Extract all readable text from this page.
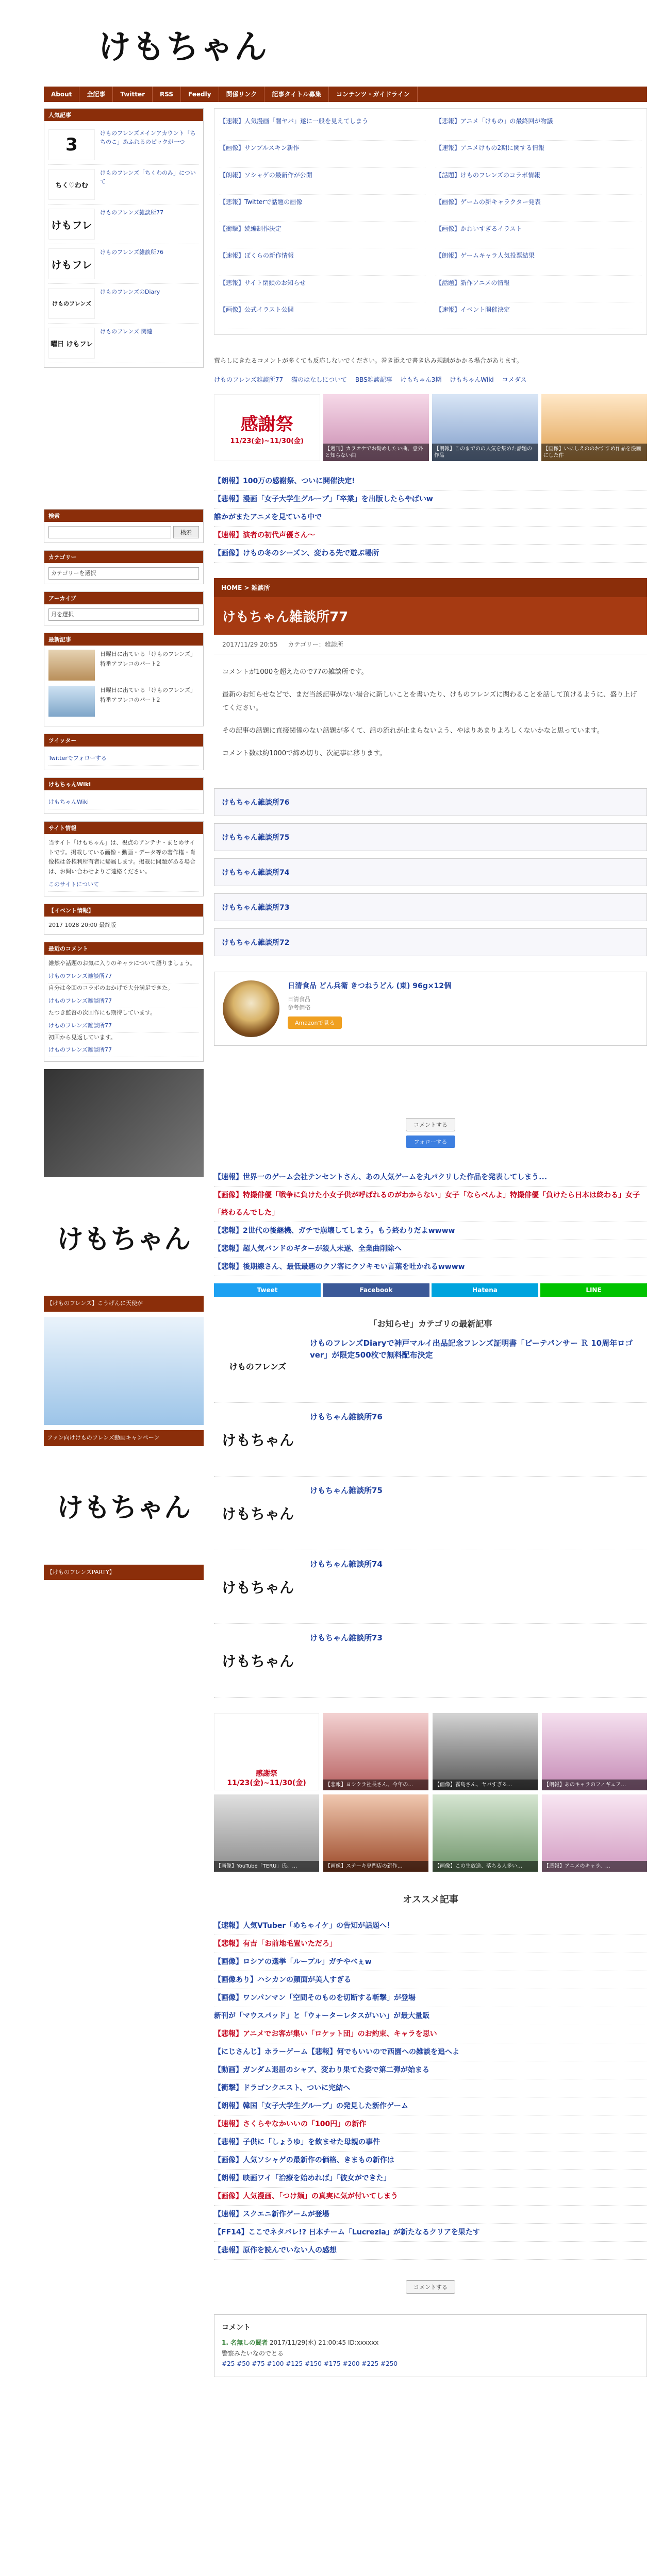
けもちゃん
About	全記事	Twitter	RSS	Feedly	関係リンク	記事タイトル募集	コンテンツ・ガイドライン
人気記事
3
けものフレンズメインアカウント「ちちのこ」あふれるのピックが一つ
ちく♡わむ
けものフレンズ「ちくわのみ」について
けもフレ
けものフレンズ雑談所77
けもフレ
けものフレンズ雑談所76
けものフレンズ
けものフレンズのDiary
曜日 けもフレ
けものフレンズ 関連
検索
検索
カテゴリー
カテゴリーを選択
アーカイブ
月を選択
最新記事
日曜日に出ている「けものフレンズ」特番アフレコのパート2
日曜日に出ている「けものフレンズ」特番アフレコのパート2
ツイッター
Twitterでフォローする
けもちゃんWiki
けもちゃんWiki
サイト情報
当サイト「けもちゃん」は、視点のアンテナ・まとめサイトです。掲載している画像・動画・データ等の著作権・肖像権は各権利所有者に帰属します。掲載に問題がある場合は、お問い合わせよりご連絡ください。
このサイトについて
【イベント情報】
2017 1028 20:00 最終版
最近のコメント
雑然や話題のお気に入りのキャラについて語りましょう。
けものフレンズ雑談所77
自分は今回のコラボのおかげで大分満足できた。
けものフレンズ雑談所77
たつき監督の次回作にも期待しています。
けものフレンズ雑談所77
初回から見返しています。
けものフレンズ雑談所77
けもちゃん
【けものフレンズ】こうげんに天使が
ファン向けけものフレンズ動画キャンペーン
けもちゃん
【けものフレンズPARTY】
【速報】人気漫画「闇ヤバ」遂に一般を見えてしまう	【悲報】アニメ「けもの」の最終回が物議
【画像】サンプルスキン新作	【速報】アニメけもの2期に関する情報
【朗報】ソシャゲの最新作が公開	【話題】けものフレンズのコラボ情報
【悲報】Twitterで話題の画像	【画像】ゲームの新キャラクター発表
【衝撃】続編制作決定	【画像】かわいすぎるイラスト
【速報】ぼくらの新作情報	【朗報】ゲームキャラ人気投票結果
【悲報】サイト閉鎖のお知らせ	【話題】新作アニメの情報
【画像】公式イラスト公開	【速報】イベント開催決定
荒らしにきたるコメントが多くても反応しないでください。巻き添えで書き込み規制がかかる場合があります。
けものフレンズ雑談所77 猫のはなしについて BBS雑談記事 けもちゃん3期 けもちゃんWiki コメダス
感謝祭
11/23(金)~11/30(金)
【週刊】カラオケでお勧めしたい曲、意外と知らない曲
【朗報】このまでのの人気を集めた話題の作品
【画像】いにしえののおすすめ作品を漫画にした件
【朗報】100万の感謝祭、ついに開催決定!
【悲報】漫画「女子大学生グループ」「卒業」を出版したらやばいw
誰かがまたアニメを見ている中で
【速報】演者の初代声優さん～
【画像】けもの冬のシーズン、変わる先で遊ぶ場所
HOME > 雑談所
けもちゃん雑談所77
2017/11/29 20:55 　 カテゴリー：雑談所

コメントが1000を超えたので77の雑談所です。

最新のお知らせなどで、まだ当該記事がない場合に新しいことを書いたり、けものフレンズに関わることを話して頂けるように、盛り上げてください。

その記事の話題に直接関係のない話題が多くて、話の流れが止まらないよう、やはりあまりよろしくないかなと思っています。

コメント数は約1000で締め切り、次記事に移ります。

けもちゃん雑談所76
けもちゃん雑談所75
けもちゃん雑談所74
けもちゃん雑談所73
けもちゃん雑談所72
日清食品 どん兵衛 きつねうどん (東) 96g×12個
日清食品
参考価格
Amazonで見る
コメントする
フォローする
【速報】世界一のゲーム会社テンセントさん、あの人気ゲームを丸パクリした作品を発表してしまう...
【画像】特撮俳優「戦争に負けた小女子供が呼ばれるのがわからない」女子「ならべんよ」特撮俳優「負けたら日本は終わる」女子「終わるんでした」
【悲報】2世代の後継機、ガチで崩壊してしまう。もう終わりだよwwww
【悲報】超人気バンドのギターが殺人未遂、全業曲削除へ
【悲報】後期線さん、最低最悪のクソ客にクソキモい言葉を吐かれるwwww
Tweet	Facebook	Hatena	LINE
「お知らせ」カテゴリの最新記事
けものフレンズ
けものフレンズDiaryで神戸マルイ出品記念フレンズ証明書「ピーテパンサー Ｒ 10周年ロゴver」が限定500枚で無料配布決定
けもちゃん
けもちゃん雑談所76
けもちゃん
けもちゃん雑談所75
けもちゃん
けもちゃん雑談所74
けもちゃん
けもちゃん雑談所73
感謝祭 11/23(金)~11/30(金)	【悲報】ヨシクラ社長さん、今年の…	【画像】霧島さん、ヤバすぎる…	【朗報】あのキャラのフィギュア…
【画像】YouTube「TERU」氏、…	【画像】ステーキ専門店の新作…	【画像】この生放送、落ちる人多い…	【悲報】アニメのキャラ、…
オススメ記事
【速報】人気VTuber「めちゃイケ」の告知が話題へ！
【悲報】有吉「お前地毛置いただろ」
【画像】ロシアの選挙「ループル」ガチやべぇw
【画像あり】ハシカンの顔面が美人すぎる
【画像】ワンパンマン「空間そのものを切断する斬撃」が登場
新刊が「マウスパッド」と「ウォーターレタスがいい」が最大量販
【悲報】アニメでお客が集い「ロケット団」のお約束、キャラを思い
【にじさんじ】ホラーゲーム【悲報】何でもいいので西園への雑談を追へよ
【動画】ガンダム退屈のシャア、変わり果てた姿で第二弾が始まる
【衝撃】ドラゴンクエスト、ついに完結へ
【朗報】韓国「女子大学生グループ」の発見した新作ゲーム
【速報】さくらやなかいいの「100円」の新作
【悲報】子供に「しょうゆ」を飲ませた母親の事件
【画像】人気ソシャゲの最新作の価格、きまもの新作は
【朗報】映画ワイ「治療を始めれば」「彼女ができた」
【画像】人気漫画、「つけ麺」の真実に気が付いてしまう
【速報】スクエニ新作ゲームが登場
【FF14】ここでネタバレ!? 日本チーム「Lucrezia」が新たなるクリアを果たす
【悲報】原作を読んでいない人の感想
コメントする
コメント
1. 名無しの賢者 2017/11/29(水) 21:00:45 ID:xxxxxx
警察みたいなのでとる
#25 #50 #75 #100 #125 #150 #175 #200 #225 #250
